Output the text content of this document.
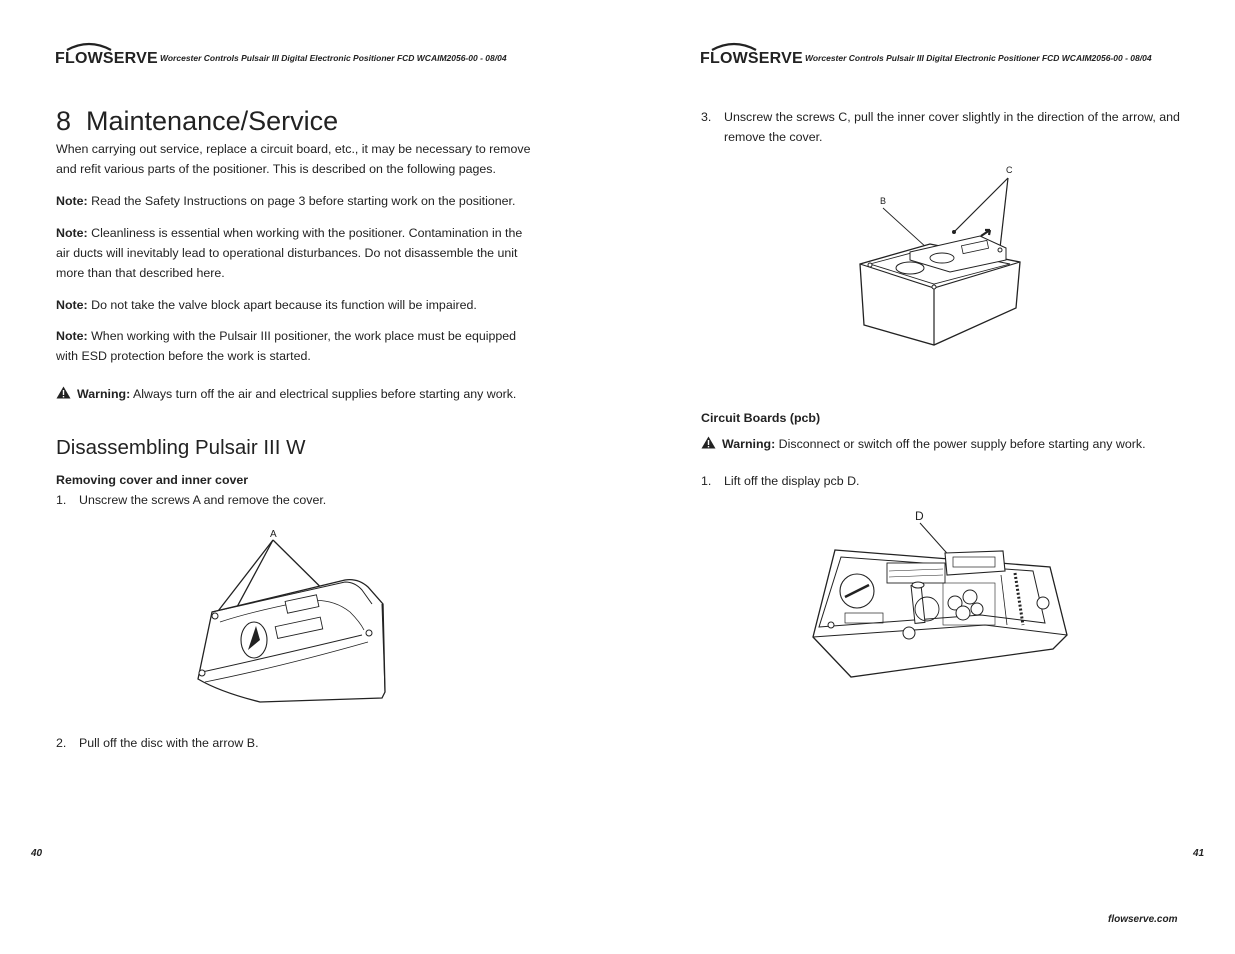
FLOWSERVE Worcester Controls Pulsair III Digital Electronic Positioner FCD WCAIM2056-00 - 08/04
8  Maintenance/Service
When carrying out service, replace a circuit board, etc., it may be necessary to remove and refit various parts of the positioner. This is described on the following pages.
Note: Read the Safety Instructions on page 3 before starting work on the positioner.
Note: Cleanliness is essential when working with the positioner. Contamination in the air ducts will inevitably lead to operational disturbances. Do not disassemble the unit more than that described here.
Note: Do not take the valve block apart because its function will be impaired.
Note: When working with the Pulsair III positioner, the work place must be equipped with ESD protection before the work is started.
Warning: Always turn off the air and electrical supplies before starting any work.
Disassembling Pulsair III W
Removing cover and inner cover
1. Unscrew the screws A and remove the cover.
A
2. Pull off the disc with the arrow B.
40
FLOWSERVE Worcester Controls Pulsair III Digital Electronic Positioner FCD WCAIM2056-00 - 08/04
3. Unscrew the screws C, pull the inner cover slightly in the direction of the arrow, and remove the cover.
C
B
Circuit Boards (pcb)
Warning: Disconnect or switch off the power supply before starting any work.
1. Lift off the display pcb D.
D
41
flowserve.com
